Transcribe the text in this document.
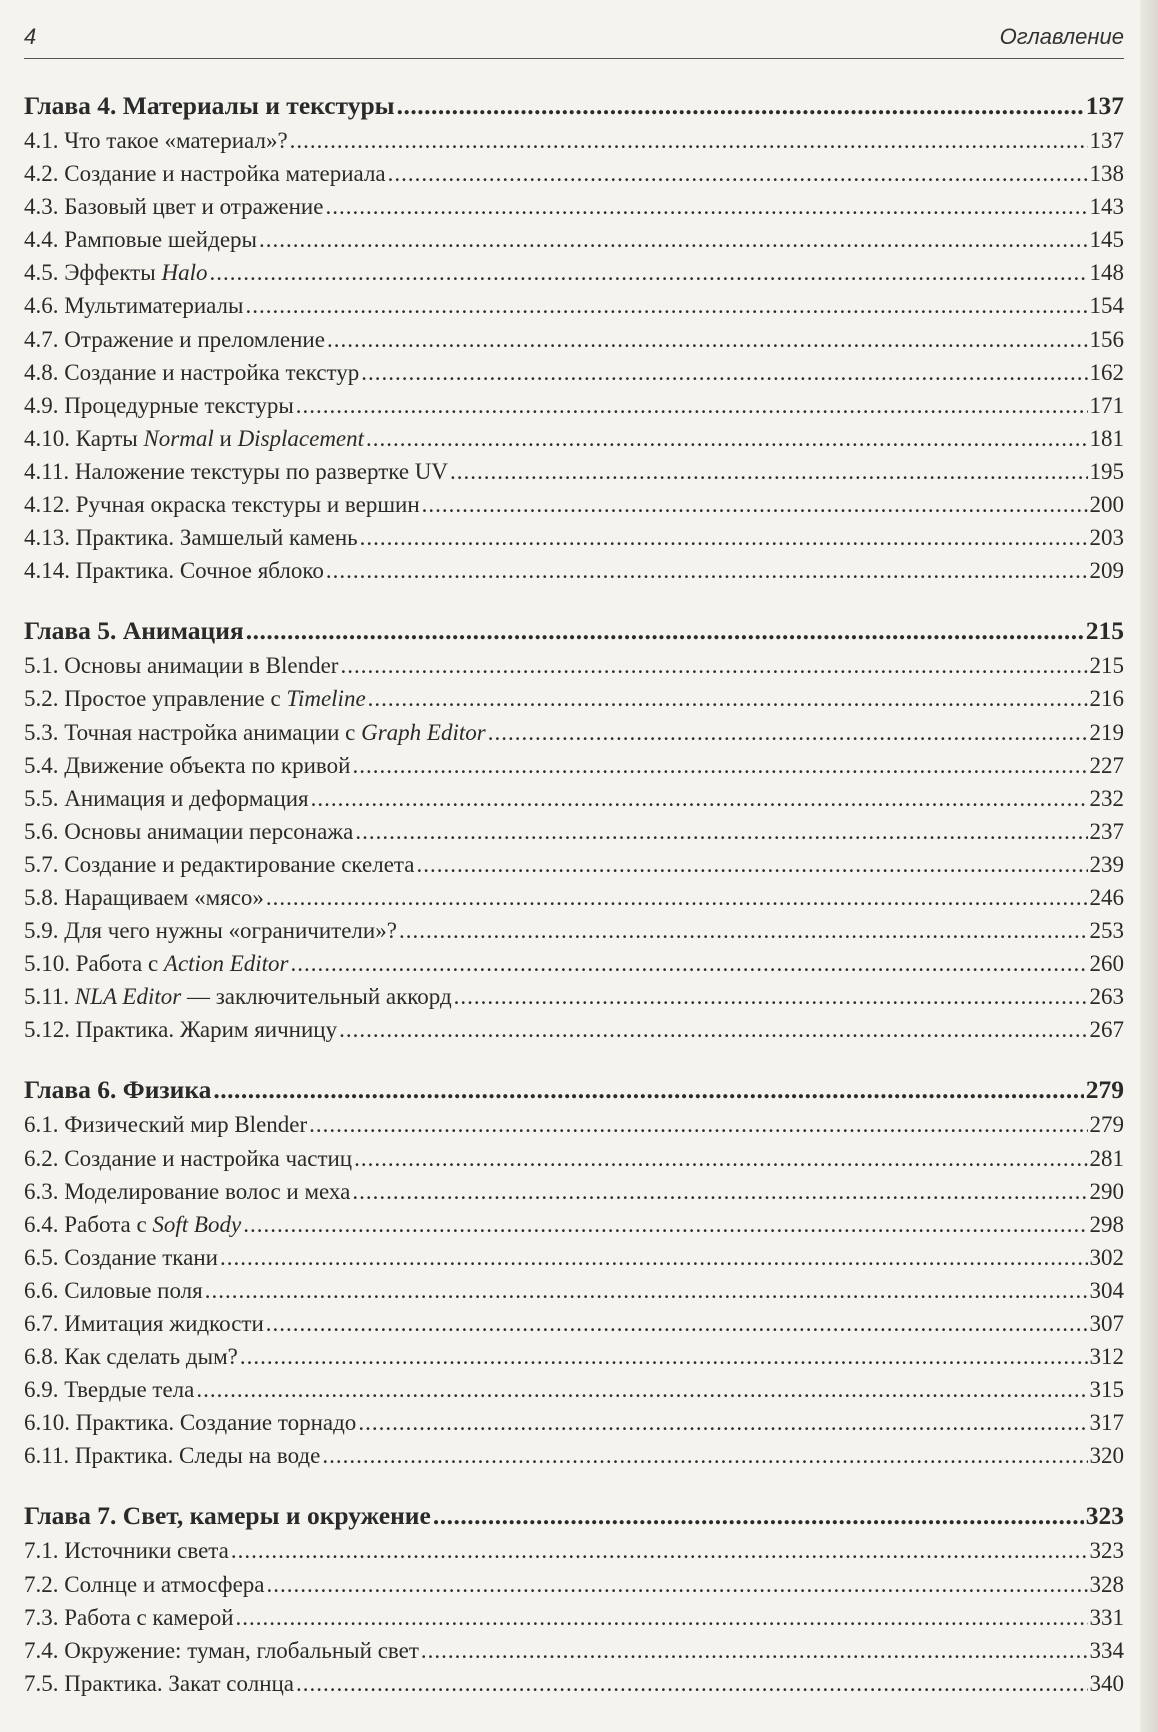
4	Оглавление
Глава 4. Материалы и текстуры .....	137
4.1. Что такое «материал»? .....	137
4.2. Создание и настройка материала .....	138
4.3. Базовый цвет и отражение .....	143
4.4. Рамповые шейдеры .....	145
4.5. Эффекты Halo .....	148
4.6. Мультиматериалы .....	154
4.7. Отражение и преломление .....	156
4.8. Создание и настройка текстур .....	162
4.9. Процедурные текстуры .....	171
4.10. Карты Normal и Displacement .....	181
4.11. Наложение текстуры по развертке UV .....	195
4.12. Ручная окраска текстуры и вершин .....	200
4.13. Практика. Замшелый камень .....	203
4.14. Практика. Сочное яблоко .....	209
Глава 5. Анимация .....	215
5.1. Основы анимации в Blender .....	215
5.2. Простое управление с Timeline .....	216
5.3. Точная настройка анимации с Graph Editor .....	219
5.4. Движение объекта по кривой .....	227
5.5. Анимация и деформация .....	232
5.6. Основы анимации персонажа .....	237
5.7. Создание и редактирование скелета .....	239
5.8. Наращиваем «мясо» .....	246
5.9. Для чего нужны «ограничители»? .....	253
5.10. Работа с Action Editor .....	260
5.11. NLA Editor — заключительный аккорд .....	263
5.12. Практика. Жарим яичницу .....	267
Глава 6. Физика .....	279
6.1. Физический мир Blender .....	279
6.2. Создание и настройка частиц .....	281
6.3. Моделирование волос и меха .....	290
6.4. Работа с Soft Body .....	298
6.5. Создание ткани .....	302
6.6. Силовые поля .....	304
6.7. Имитация жидкости .....	307
6.8. Как сделать дым? .....	312
6.9. Твердые тела .....	315
6.10. Практика. Создание торнадо .....	317
6.11. Практика. Следы на воде .....	320
Глава 7. Свет, камеры и окружение .....	323
7.1. Источники света .....	323
7.2. Солнце и атмосфера .....	328
7.3. Работа с камерой .....	331
7.4. Окружение: туман, глобальный свет .....	334
7.5. Практика. Закат солнца .....	340
